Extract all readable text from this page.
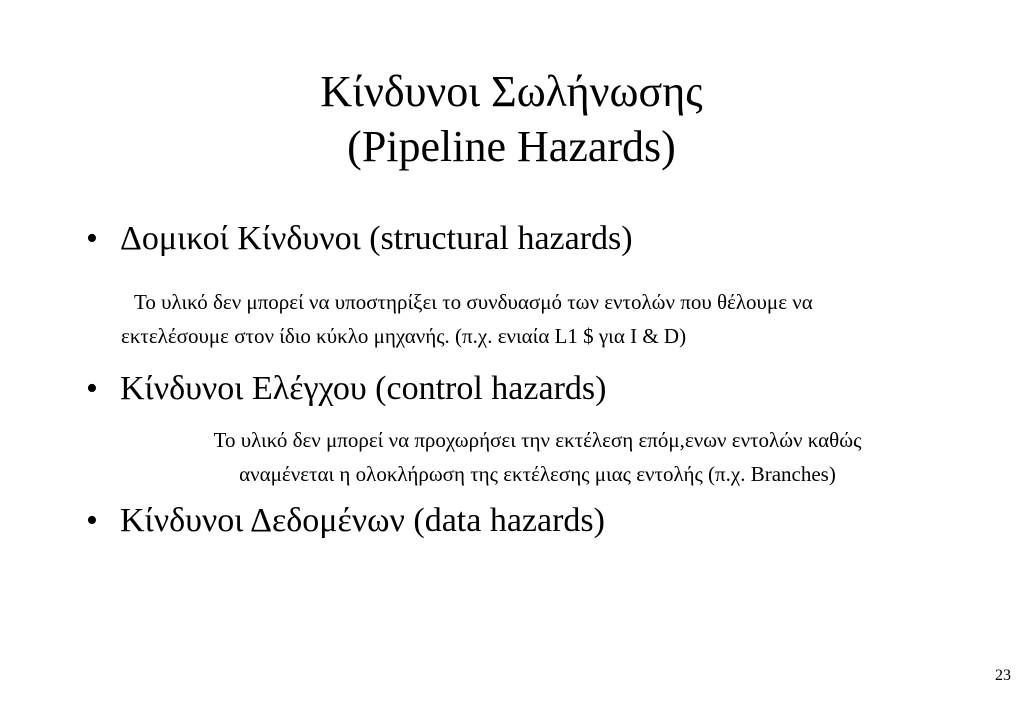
Κίνδυνοι Σωλήνωσης
(Pipeline Hazards)
• Δομικοί Κίνδυνοι (structural hazards)
Το υλικό δεν μπορεί να υποστηρίξει το συνδυασμό των εντολών που θέλουμε να
εκτελέσουμε στον ίδιο κύκλο μηχανής. (π.χ. ενιαία L1 $ για I & D)
• Κίνδυνοι Ελέγχου (control hazards)
Το υλικό δεν μπορεί να προχωρήσει την εκτέλεση επόμ,ενων εντολών καθώς
αναμένεται η ολοκλήρωση της εκτέλεσης μιας εντολής (π.χ. Branches)
• Κίνδυνοι Δεδομένων (data hazards)
23
